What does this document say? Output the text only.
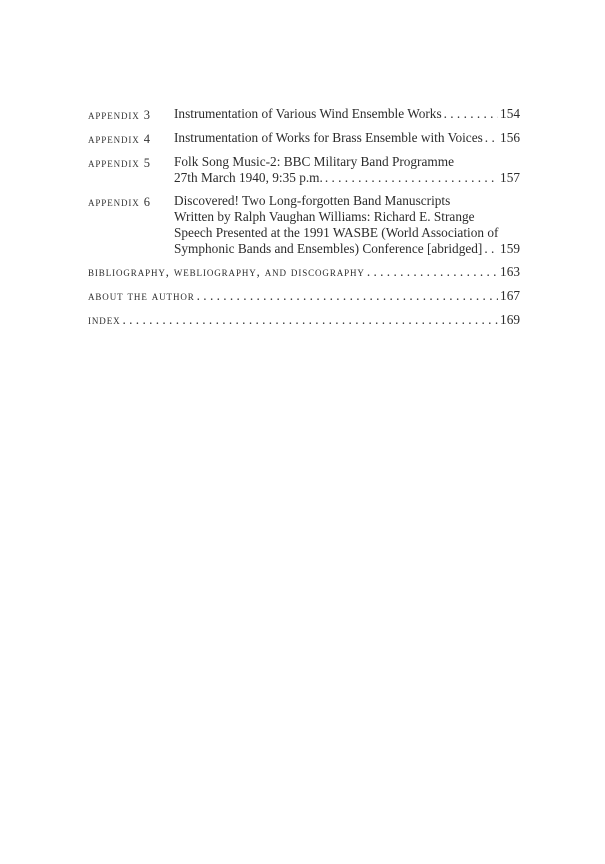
appendix 3	Instrumentation of Various Wind Ensemble Works . . .	154
appendix 4	Instrumentation of Works for Brass Ensemble with Voices . . . 156
appendix 5	Folk Song Music-2: BBC Military Band Programme
27th March 1940, 9:35 p.m. . . .	157
appendix 6	Discovered! Two Long-forgotten Band Manuscripts
Written by Ralph Vaughan Williams: Richard E. Strange
Speech Presented at the 1991 WASBE (World Association of
Symphonic Bands and Ensembles) Conference [abridged] . . . 159
bibliography, webliography, and discography . . .	163
about the author . . .	167
index . . .	169
